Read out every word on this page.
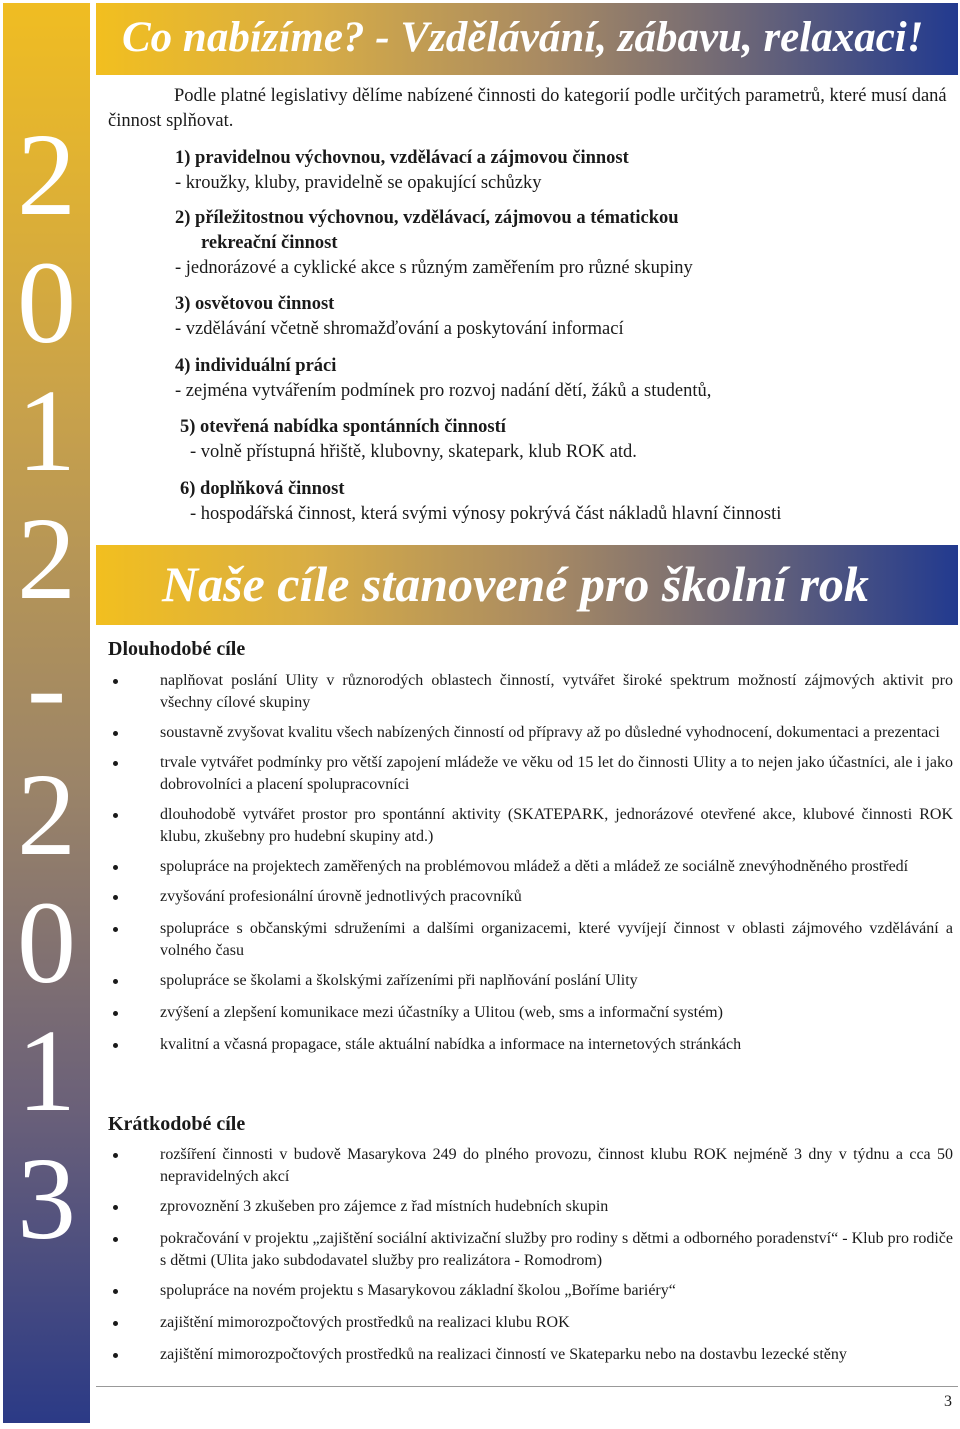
2
0
1
2
-
2
0
1
3
Co nabízíme? - Vzdělávání, zábavu, relaxaci!
Podle platné legislativy dělíme nabízené činnosti do kategorií podle určitých parametrů, které musí daná činnost splňovat.
1) pravidelnou výchovnou, vzdělávací a zájmovou činnost
- kroužky, kluby, pravidelně se opakující schůzky
2) příležitostnou výchovnou, vzdělávací, zájmovou a tématickou
rekreační činnost
- jednorázové a cyklické akce s různým zaměřením pro různé skupiny
3) osvětovou činnost
- vzdělávání včetně shromažďování a poskytování informací
4) individuální práci
- zejména vytvářením podmínek pro rozvoj nadání dětí, žáků a studentů,
5) otevřená nabídka spontánních činností
- volně přístupná hřiště, klubovny, skatepark, klub ROK atd.
6) doplňková činnost
- hospodářská činnost, která svými výnosy pokrývá část nákladů hlavní činnosti
Naše cíle stanovené pro školní rok
Dlouhodobé cíle
naplňovat poslání Ulity v různorodých oblastech činností, vytvářet široké spektrum možností zájmových aktivit pro všechny cílové skupiny
soustavně zvyšovat kvalitu všech nabízených činností od přípravy až po důsledné vyhodnocení, dokumentaci a prezentaci
trvale vytvářet podmínky pro větší zapojení mládeže ve věku od 15 let do činnosti Ulity a to nejen jako účastníci, ale i jako dobrovolníci a placení spolupracovníci
dlouhodobě vytvářet prostor pro spontánní aktivity (SKATEPARK, jednorázové otevřené akce, klubové činnosti ROK klubu, zkušebny pro hudební skupiny atd.)
spolupráce na projektech zaměřených na problémovou mládež a děti a mládež ze sociálně znevýhodněného prostředí
zvyšování profesionální úrovně jednotlivých pracovníků
spolupráce s občanskými sdruženími a dalšími organizacemi, které vyvíjejí činnost v oblasti zájmového vzdělávání a volného času
spolupráce se školami a školskými zařízeními při naplňování poslání Ulity
zvýšení a zlepšení komunikace mezi účastníky a Ulitou (web, sms a informační systém)
kvalitní a včasná propagace, stále aktuální nabídka a informace na internetových stránkách
Krátkodobé cíle
rozšíření činnosti v budově Masarykova 249 do plného provozu, činnost klubu ROK nejméně 3 dny v týdnu a cca 50 nepravidelných akcí
zprovoznění 3 zkušeben pro zájemce z řad místních hudebních skupin
pokračování v projektu „zajištění sociální aktivizační služby pro rodiny s dětmi a odborného poradenství“ - Klub pro rodiče s dětmi (Ulita jako subdodavatel služby pro realizátora - Romodrom)
spolupráce na novém projektu s Masarykovou základní školou „Boříme bariéry“
zajištění mimorozpočtových prostředků na realizaci klubu ROK
zajištění mimorozpočtových prostředků na realizaci činností ve Skateparku nebo na dostavbu lezecké stěny
3
